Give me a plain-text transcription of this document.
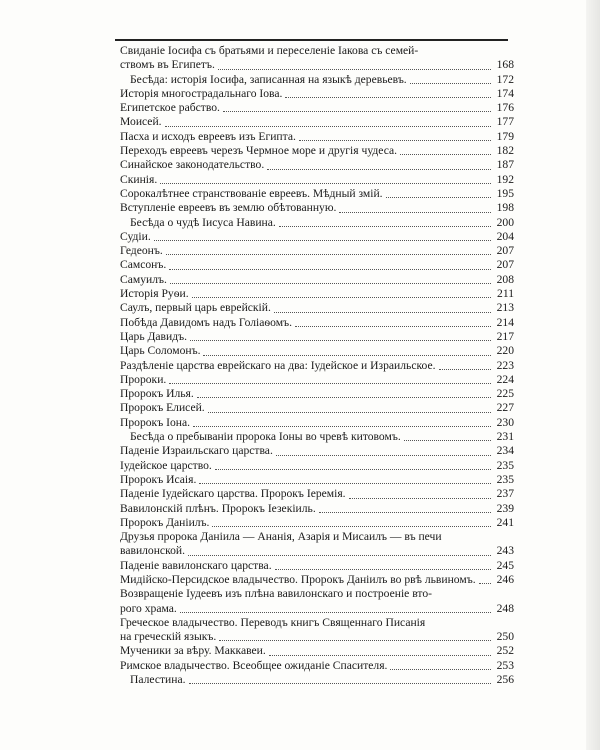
Свиданіе Іосифа съ братьями и переселеніе Іакова съ семей-
ствомъ въ Египетъ.	168
Бесѣда: исторія Іосифа, записанная на языкѣ деревьевъ.	172
Исторія многострадальнаго Іова.	174
Египетское рабство.	176
Моисей.	177
Пасха и исходъ евреевъ изъ Египта.	179
Переходъ евреевъ черезъ Чермное море и другія чудеса.	182
Синайское законодательство.	187
Скинія.	192
Сорокалѣтнее странствованіе евреевъ. Мѣдный змій.	195
Вступленіе евреевъ въ землю обѣтованную.	198
Бесѣда о чудѣ Іисуса Навина.	200
Судіи.	204
Гедеонъ.	207
Самсонъ.	207
Самуилъ.	208
Исторія Руѳи.	211
Саулъ, первый царь еврейскій.	213
Побѣда Давидомъ надъ Голіаѳомъ.	214
Царь Давидъ.	217
Царь Соломонъ.	220
Раздѣленіе царства еврейскаго на два: Іудейское и Израильское.	223
Пророки.	224
Пророкъ Илья.	225
Пророкъ Елисей.	227
Пророкъ Іона.	230
Бесѣда о пребываніи пророка Іоны во чревѣ китовомъ.	231
Паденіе Израильскаго царства.	234
Іудейское царство.	235
Пророкъ Исаія.	235
Паденіе Іудейскаго царства. Пророкъ Іеремія.	237
Вавилонскій плѣнъ. Пророкъ Іезекіиль.	239
Пророкъ Даніилъ.	241
Друзья пророка Даніила — Ананія, Азарія и Мисаилъ — въ печи
вавилонской.	243
Паденіе вавилонскаго царства.	245
Мидійско-Персидское владычество. Пророкъ Даніилъ во рвѣ львиномъ. 246
Возвращеніе Іудеевъ изъ плѣна вавилонскаго и построеніе вто-
рого храма.	248
Греческое владычество. Переводъ книгъ Священнаго Писанія
на греческій языкъ.	250
Мученики за вѣру. Маккавеи.	252
Римское владычество. Всеобщее ожиданіе Спасителя.	253
Палестина.	256
